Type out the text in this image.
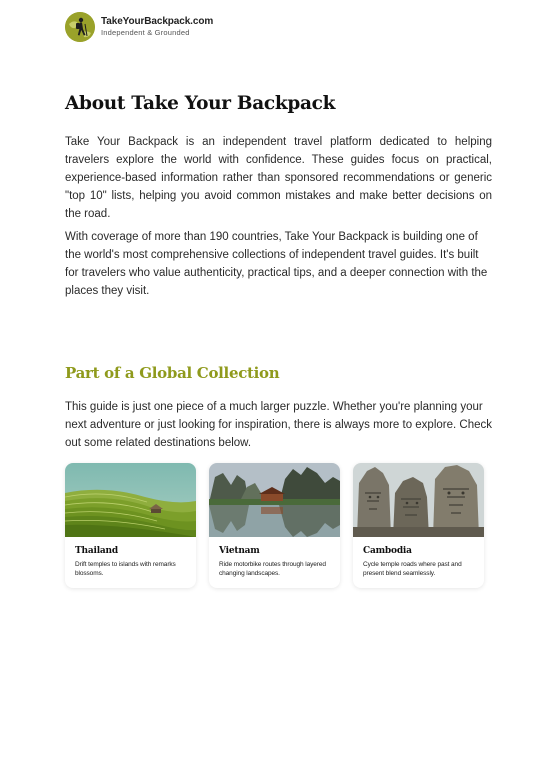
TakeYourBackpack.com
Independent & Grounded
About Take Your Backpack

Take Your Backpack is an independent travel platform dedicated to helping travelers explore the world with confidence. These guides focus on practical, experience-based information rather than sponsored recommendations or generic "top 10" lists, helping you avoid common mistakes and make better decisions on the road.

With coverage of more than 190 countries, Take Your Backpack is building one of the world's most comprehensive collections of independent travel guides. It's built for travelers who value authenticity, practical tips, and a deeper connection with the places they visit.

Part of a Global Collection

This guide is just one piece of a much larger puzzle. Whether you're planning your next adventure or just looking for inspiration, there is always more to explore. Check out some related destinations below.

Thailand
Drift temples to islands with remarks blossoms.
Vietnam
Ride motorbike routes through layered changing landscapes.
Cambodia
Cycle temple roads where past and present blend seamlessly.
